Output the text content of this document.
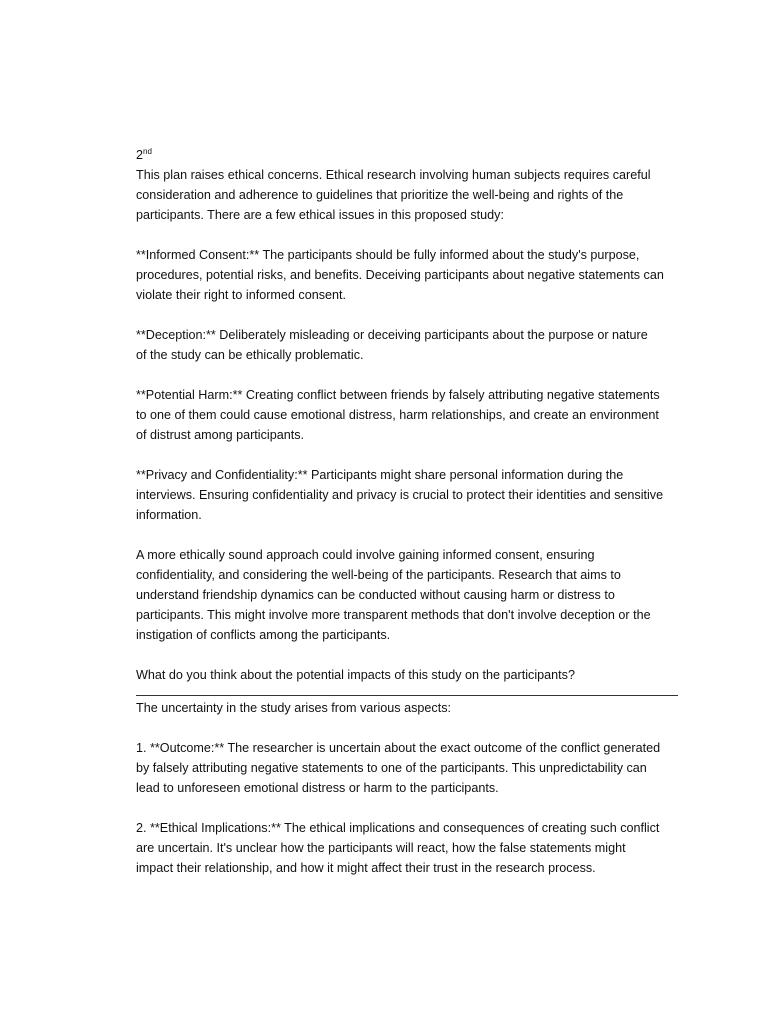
2nd
This plan raises ethical concerns. Ethical research involving human subjects requires careful
consideration and adherence to guidelines that prioritize the well-being and rights of the
participants. There are a few ethical issues in this proposed study:
**Informed Consent:** The participants should be fully informed about the study's purpose,
procedures, potential risks, and benefits. Deceiving participants about negative statements can
violate their right to informed consent.
**Deception:** Deliberately misleading or deceiving participants about the purpose or nature
of the study can be ethically problematic.
**Potential Harm:** Creating conflict between friends by falsely attributing negative statements
to one of them could cause emotional distress, harm relationships, and create an environment
of distrust among participants.
**Privacy and Confidentiality:** Participants might share personal information during the
interviews. Ensuring confidentiality and privacy is crucial to protect their identities and sensitive
information.
A more ethically sound approach could involve gaining informed consent, ensuring
confidentiality, and considering the well-being of the participants. Research that aims to
understand friendship dynamics can be conducted without causing harm or distress to
participants. This might involve more transparent methods that don't involve deception or the
instigation of conflicts among the participants.
What do you think about the potential impacts of this study on the participants?
The uncertainty in the study arises from various aspects:
1. **Outcome:** The researcher is uncertain about the exact outcome of the conflict generated
by falsely attributing negative statements to one of the participants. This unpredictability can
lead to unforeseen emotional distress or harm to the participants.
2. **Ethical Implications:** The ethical implications and consequences of creating such conflict
are uncertain. It's unclear how the participants will react, how the false statements might
impact their relationship, and how it might affect their trust in the research process.
